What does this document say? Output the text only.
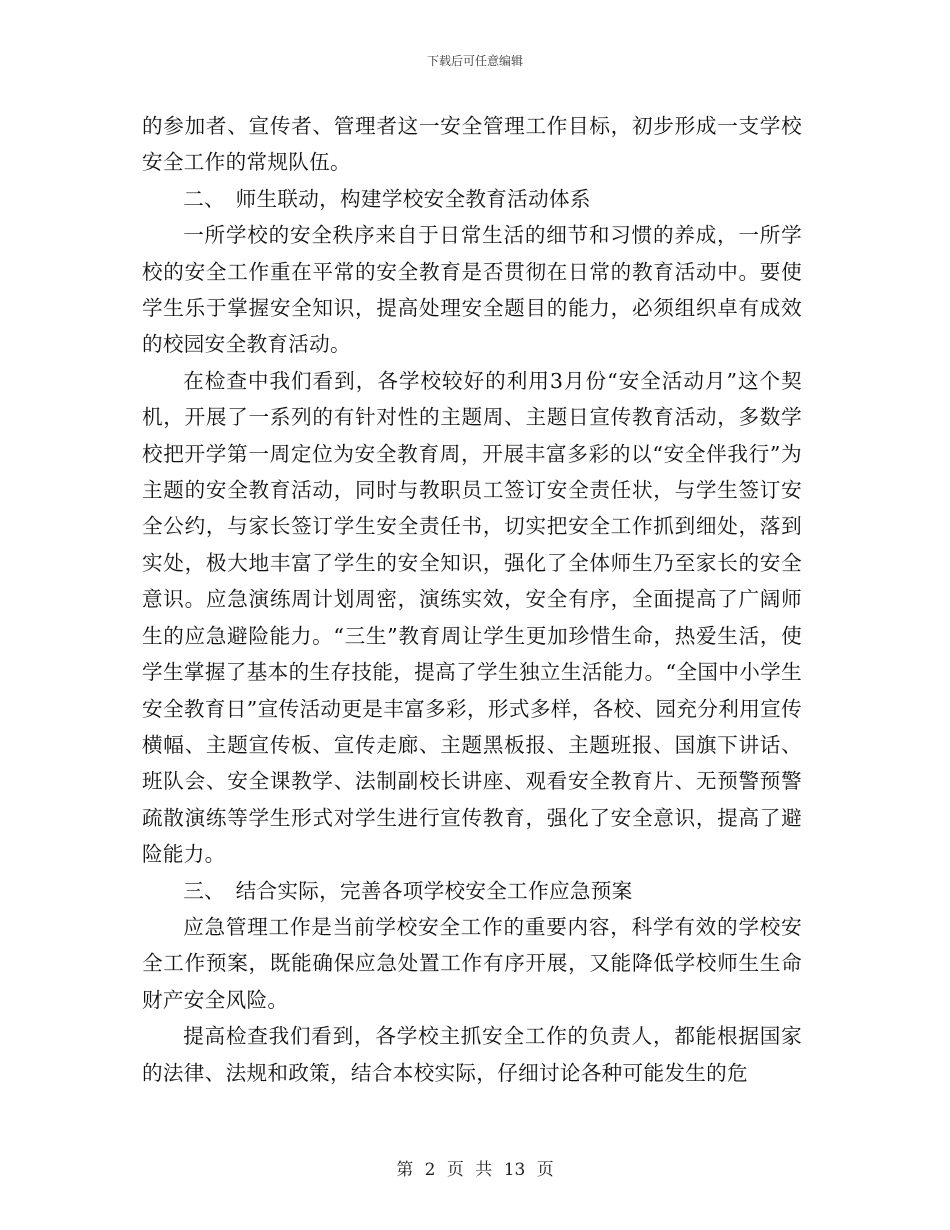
下载后可任意编辑

的参加者、宣传者、管理者这一安全管理工作目标，初步形成一支学校安全工作的常规队伍。

二、　师生联动，构建学校安全教育活动体系

一所学校的安全秩序来自于日常生活的细节和习惯的养成，一所学校的安全工作重在平常的安全教育是否贯彻在日常的教育活动中。要使学生乐于掌握安全知识，提高处理安全题目的能力，必须组织卓有成效的校园安全教育活动。

在检查中我们看到，各学校较好的利用3月份“安全活动月”这个契机，开展了一系列的有针对性的主题周、主题日宣传教育活动，多数学校把开学第一周定位为安全教育周，开展丰富多彩的以“安全伴我行”为主题的安全教育活动，同时与教职员工签订安全责任状，与学生签订安全公约，与家长签订学生安全责任书，切实把安全工作抓到细处，落到实处，极大地丰富了学生的安全知识，强化了全体师生乃至家长的安全意识。应急演练周计划周密，演练实效，安全有序，全面提高了广阔师生的应急避险能力。“三生”教育周让学生更加珍惜生命，热爱生活，使学生掌握了基本的生存技能，提高了学生独立生活能力。“全国中小学生安全教育日”宣传活动更是丰富多彩，形式多样，各校、园充分利用宣传横幅、主题宣传板、宣传走廊、主题黑板报、主题班报、国旗下讲话、班队会、安全课教学、法制副校长讲座、观看安全教育片、无预警预警疏散演练等学生形式对学生进行宣传教育，强化了安全意识，提高了避险能力。

三、　结合实际，完善各项学校安全工作应急预案

应急管理工作是当前学校安全工作的重要内容，科学有效的学校安全工作预案，既能确保应急处置工作有序开展，又能降低学校师生生命财产安全风险。

提高检查我们看到，各学校主抓安全工作的负责人，都能根据国家的法律、法规和政策，结合本校实际，仔细讨论各种可能发生的危

第 2 页 共 13 页
